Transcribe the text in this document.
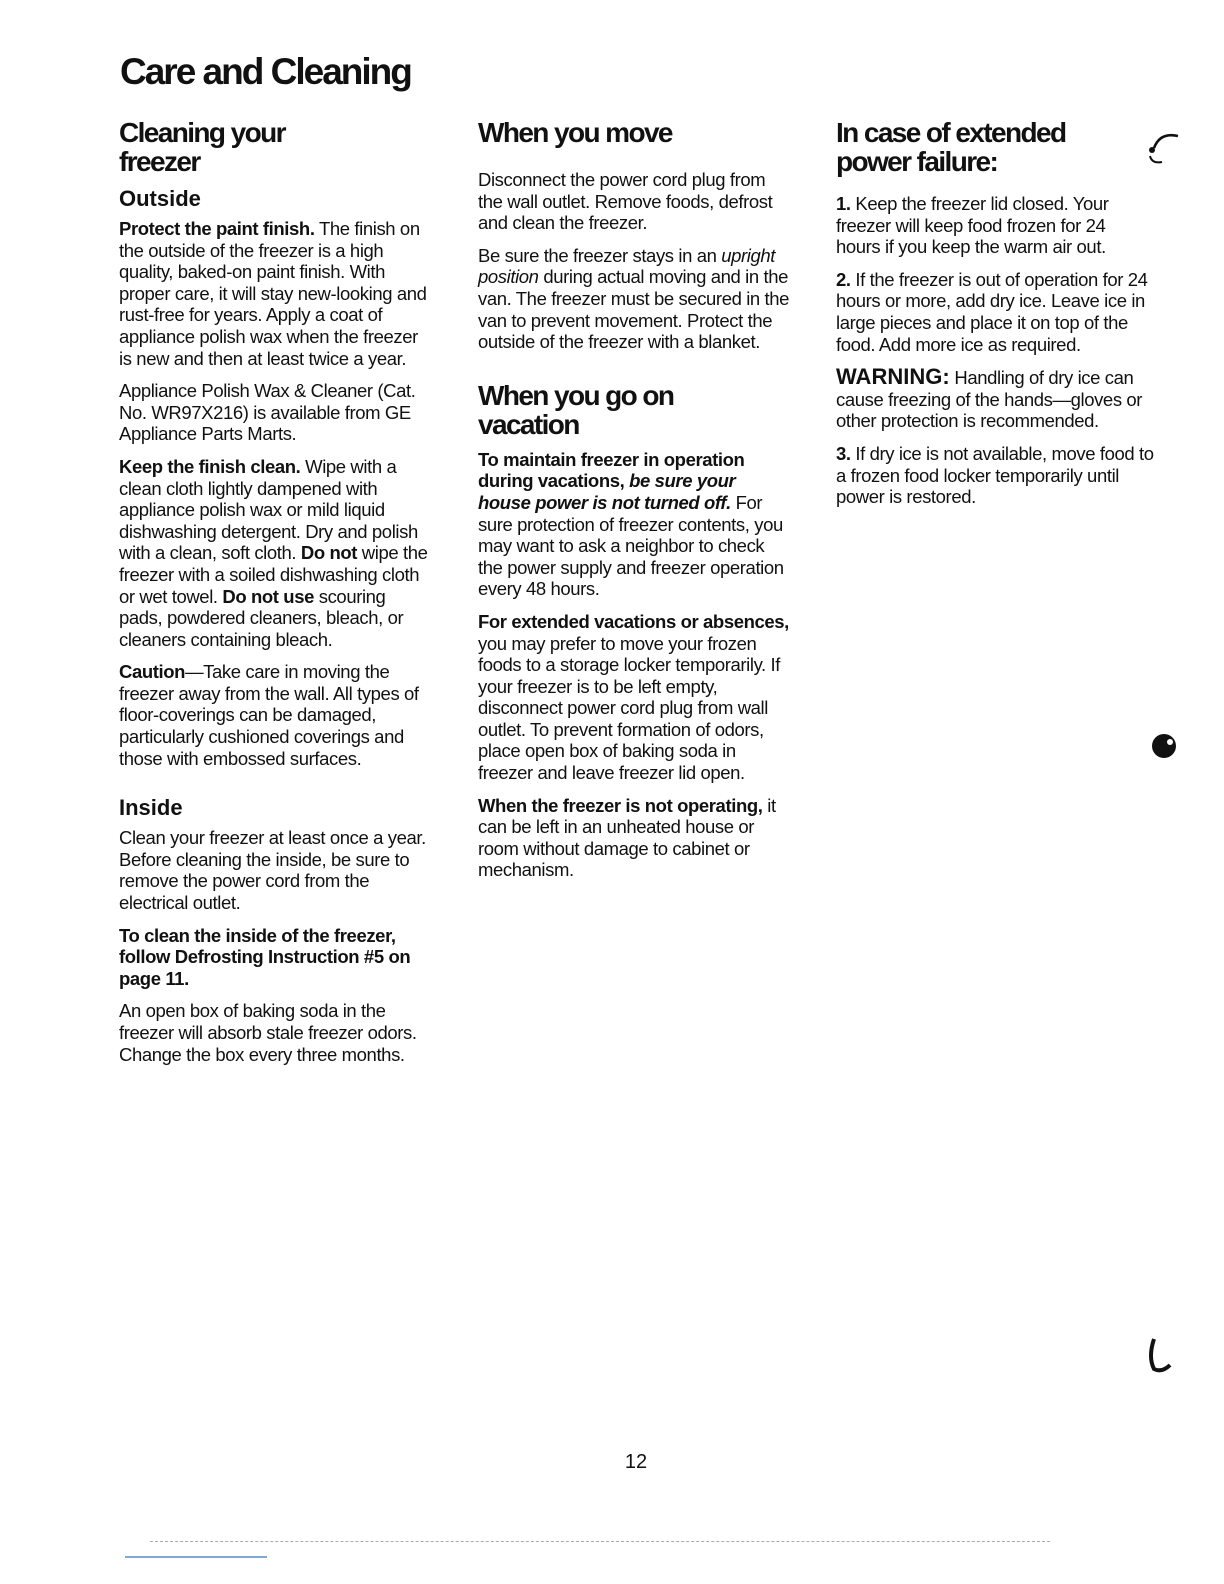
Care and Cleaning
Cleaning your freezer
Outside

Protect the paint finish. The finish on the outside of the freezer is a high quality, baked-on paint finish. With proper care, it will stay new-looking and rust-free for years. Apply a coat of appliance polish wax when the freezer is new and then at least twice a year.

Appliance Polish Wax & Cleaner (Cat. No. WR97X216) is available from GE Appliance Parts Marts.

Keep the finish clean. Wipe with a clean cloth lightly dampened with appliance polish wax or mild liquid dishwashing detergent. Dry and polish with a clean, soft cloth. Do not wipe the freezer with a soiled dishwashing cloth or wet towel. Do not use scouring pads, powdered cleaners, bleach, or cleaners containing bleach.

Caution—Take care in moving the freezer away from the wall. All types of floor-coverings can be damaged, particularly cushioned coverings and those with embossed surfaces.

Inside

Clean your freezer at least once a year. Before cleaning the inside, be sure to remove the power cord from the electrical outlet.

To clean the inside of the freezer, follow Defrosting Instruction #5 on page 11.

An open box of baking soda in the freezer will absorb stale freezer odors. Change the box every three months.

When you move

Disconnect the power cord plug from the wall outlet. Remove foods, defrost and clean the freezer.

Be sure the freezer stays in an upright position during actual moving and in the van. The freezer must be secured in the van to prevent movement. Protect the outside of the freezer with a blanket.

When you go on vacation

To maintain freezer in operation during vacations, be sure your house power is not turned off. For sure protection of freezer contents, you may want to ask a neighbor to check the power supply and freezer operation every 48 hours.

For extended vacations or absences, you may prefer to move your frozen foods to a storage locker temporarily. If your freezer is to be left empty, disconnect power cord plug from wall outlet. To prevent formation of odors, place open box of baking soda in freezer and leave freezer lid open.

When the freezer is not operating, it can be left in an unheated house or room without damage to cabinet or mechanism.

In case of extended power failure:

1. Keep the freezer lid closed. Your freezer will keep food frozen for 24 hours if you keep the warm air out.

2. If the freezer is out of operation for 24 hours or more, add dry ice. Leave ice in large pieces and place it on top of the food. Add more ice as required.

WARNING: Handling of dry ice can cause freezing of the hands—gloves or other protection is recommended.

3. If dry ice is not available, move food to a frozen food locker temporarily until power is restored.

12
